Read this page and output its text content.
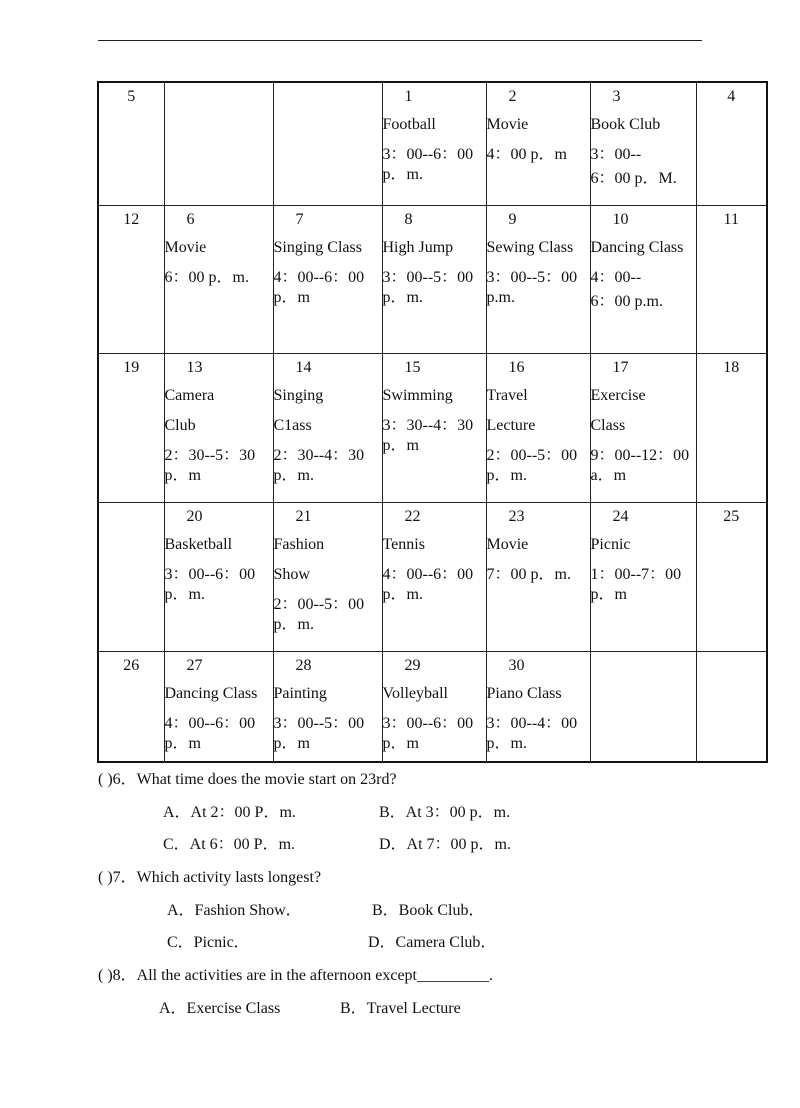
5			1
Football
3：00--6：00 p．m.	2
Movie
4：00 p．m	3
Book Club
3：00--
6：00 p．M.	4

12	6
Movie
6：00 p．m.	7
Singing Class
4：00--6：00 p．m	8
High Jump
3：00--5：00 p．m.	9
Sewing Class
3：00--5：00 p.m.	10
Dancing Class
4：00--
6：00 p.m.	11

19	13
Camera
Club
2：30--5：30 p．m	14
Singing
C1ass
2：30--4：30 p．m.	15
Swimming
3：30--4：30 p．m	16
Travel
Lecture
2：00--5：00 p．m.	17
Exercise
Class
9：00--12：00 a．m	18

	20
Basketball
3：00--6：00 p．m.	21
Fashion
Show
2：00--5：00 p．m.	22
Tennis
4：00--6：00 p．m.	23
Movie
7：00 p．m.	24
Picnic
1：00--7：00 p．m	25

26	27
Dancing Class
4：00--6：00 p．m	28
Painting
3：00--5：00 p．m	29
Volleyball
3：00--6：00 p．m	30
Piano Class
3：00--4：00 p．m.		

( )6．What time does the movie start on 23rd?
A．At 2：00 P．m.	B．At 3：00 p．m.
C．At 6：00 P．m.	D．At 7：00 p．m.
( )7．Which activity lasts longest?
A．Fashion Show．	B．Book Club．
C．Picnic．	D．Camera Club．
( )8．All the activities are in the afternoon except_________.
A．Exercise Class	B．Travel Lecture
